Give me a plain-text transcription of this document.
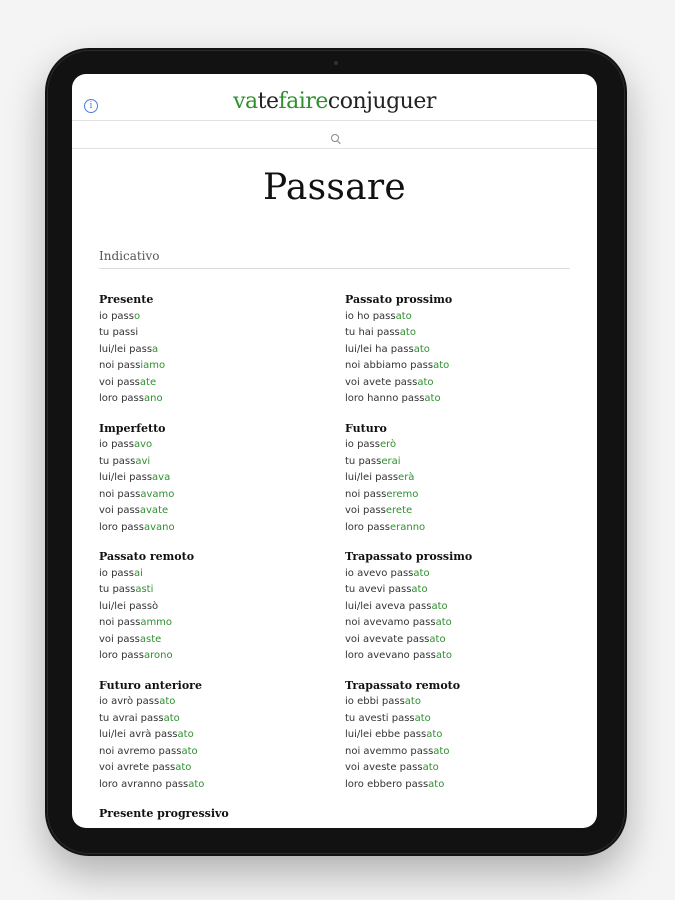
i	vatefaireconjuguer
Passare
Indicativo
Presente
io passo
tu passi
lui/lei passa
noi passiamo
voi passate
loro passano
Imperfetto
io passavo
tu passavi
lui/lei passava
noi passavamo
voi passavate
loro passavano
Passato remoto
io passai
tu passasti
lui/lei passò
noi passammo
voi passaste
loro passarono
Futuro anteriore
io avrò passato
tu avrai passato
lui/lei avrà passato
noi avremo passato
voi avrete passato
loro avranno passato
Presente progressivo
Passato prossimo
io ho passato
tu hai passato
lui/lei ha passato
noi abbiamo passato
voi avete passato
loro hanno passato
Futuro
io passerò
tu passerai
lui/lei passerà
noi passeremo
voi passerete
loro passeranno
Trapassato prossimo
io avevo passato
tu avevi passato
lui/lei aveva passato
noi avevamo passato
voi avevate passato
loro avevano passato
Trapassato remoto
io ebbi passato
tu avesti passato
lui/lei ebbe passato
noi avemmo passato
voi aveste passato
loro ebbero passato
